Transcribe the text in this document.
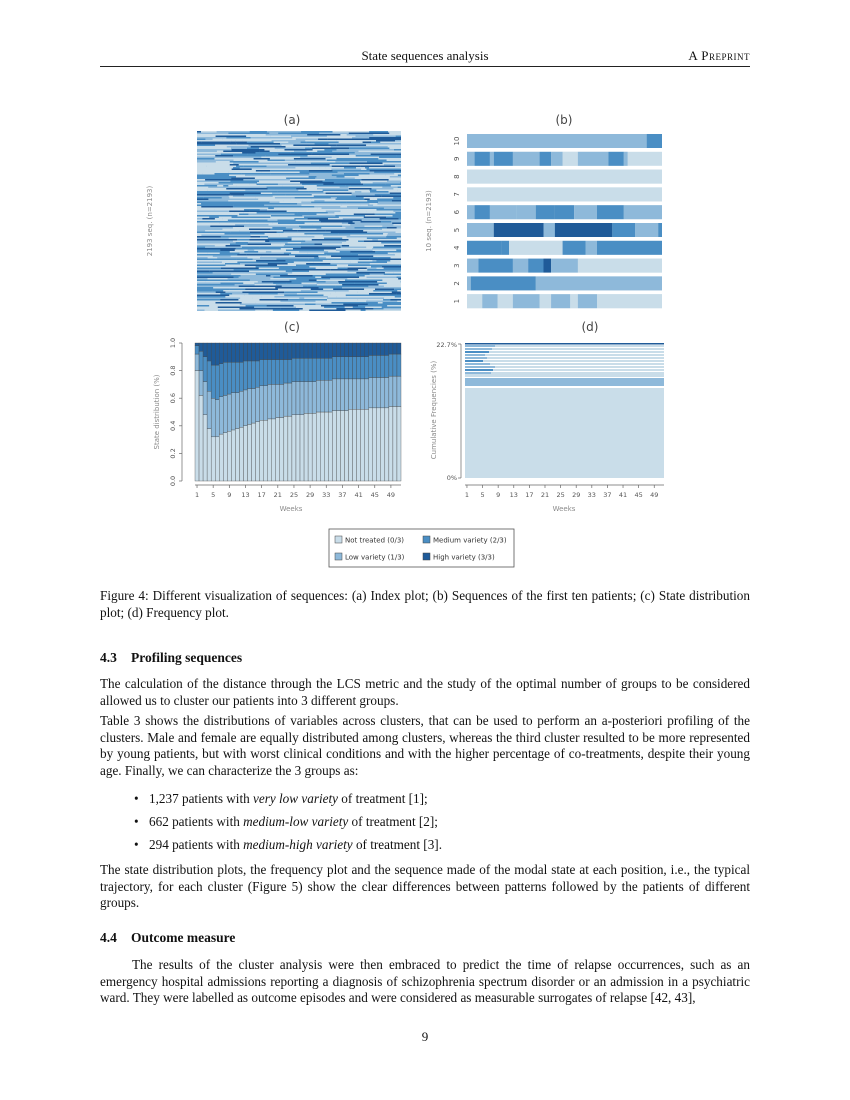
State sequences analysis	A Preprint
(a)
2193 seq. (n=2193)
(b)
10 seq. (n=2193)
1
2
3
4
5
6
7
8
9
10
(c)
State distribution (%)
0.0
0.2
0.4
0.6
0.8
1.0
1 5 9 13 17 21 25 29 33 37 41 45 49
Weeks
(d)
Cumulative Frequencies (%)
22.7%
0%
1 5 9 13 17 21 25 29 33 37 41 45 49
Weeks
Not treated (0/3)	Medium variety (2/3)
Low variety (1/3)	High variety (3/3)
Figure 4: Different visualization of sequences: (a) Index plot; (b) Sequences of the first ten patients; (c) State distribution plot; (d) Frequency plot.
4.3 Profiling sequences
The calculation of the distance through the LCS metric and the study of the optimal number of groups to be considered allowed us to cluster our patients into 3 different groups.
Table 3 shows the distributions of variables across clusters, that can be used to perform an a-posteriori profiling of the clusters. Male and female are equally distributed among clusters, whereas the third cluster resulted to be more represented by young patients, but with worst clinical conditions and with the higher percentage of co-treatments, despite their young age. Finally, we can characterize the 3 groups as:
• 1,237 patients with very low variety of treatment [1];
• 662 patients with medium-low variety of treatment [2];
• 294 patients with medium-high variety of treatment [3].
The state distribution plots, the frequency plot and the sequence made of the modal state at each position, i.e., the typical trajectory, for each cluster (Figure 5) show the clear differences between patterns followed by the patients of different groups.
4.4 Outcome measure
The results of the cluster analysis were then embraced to predict the time of relapse occurrences, such as an emergency hospital admissions reporting a diagnosis of schizophrenia spectrum disorder or an admission in a psychiatric ward. They were labelled as outcome episodes and were considered as measurable surrogates of relapse [42, 43],
9
